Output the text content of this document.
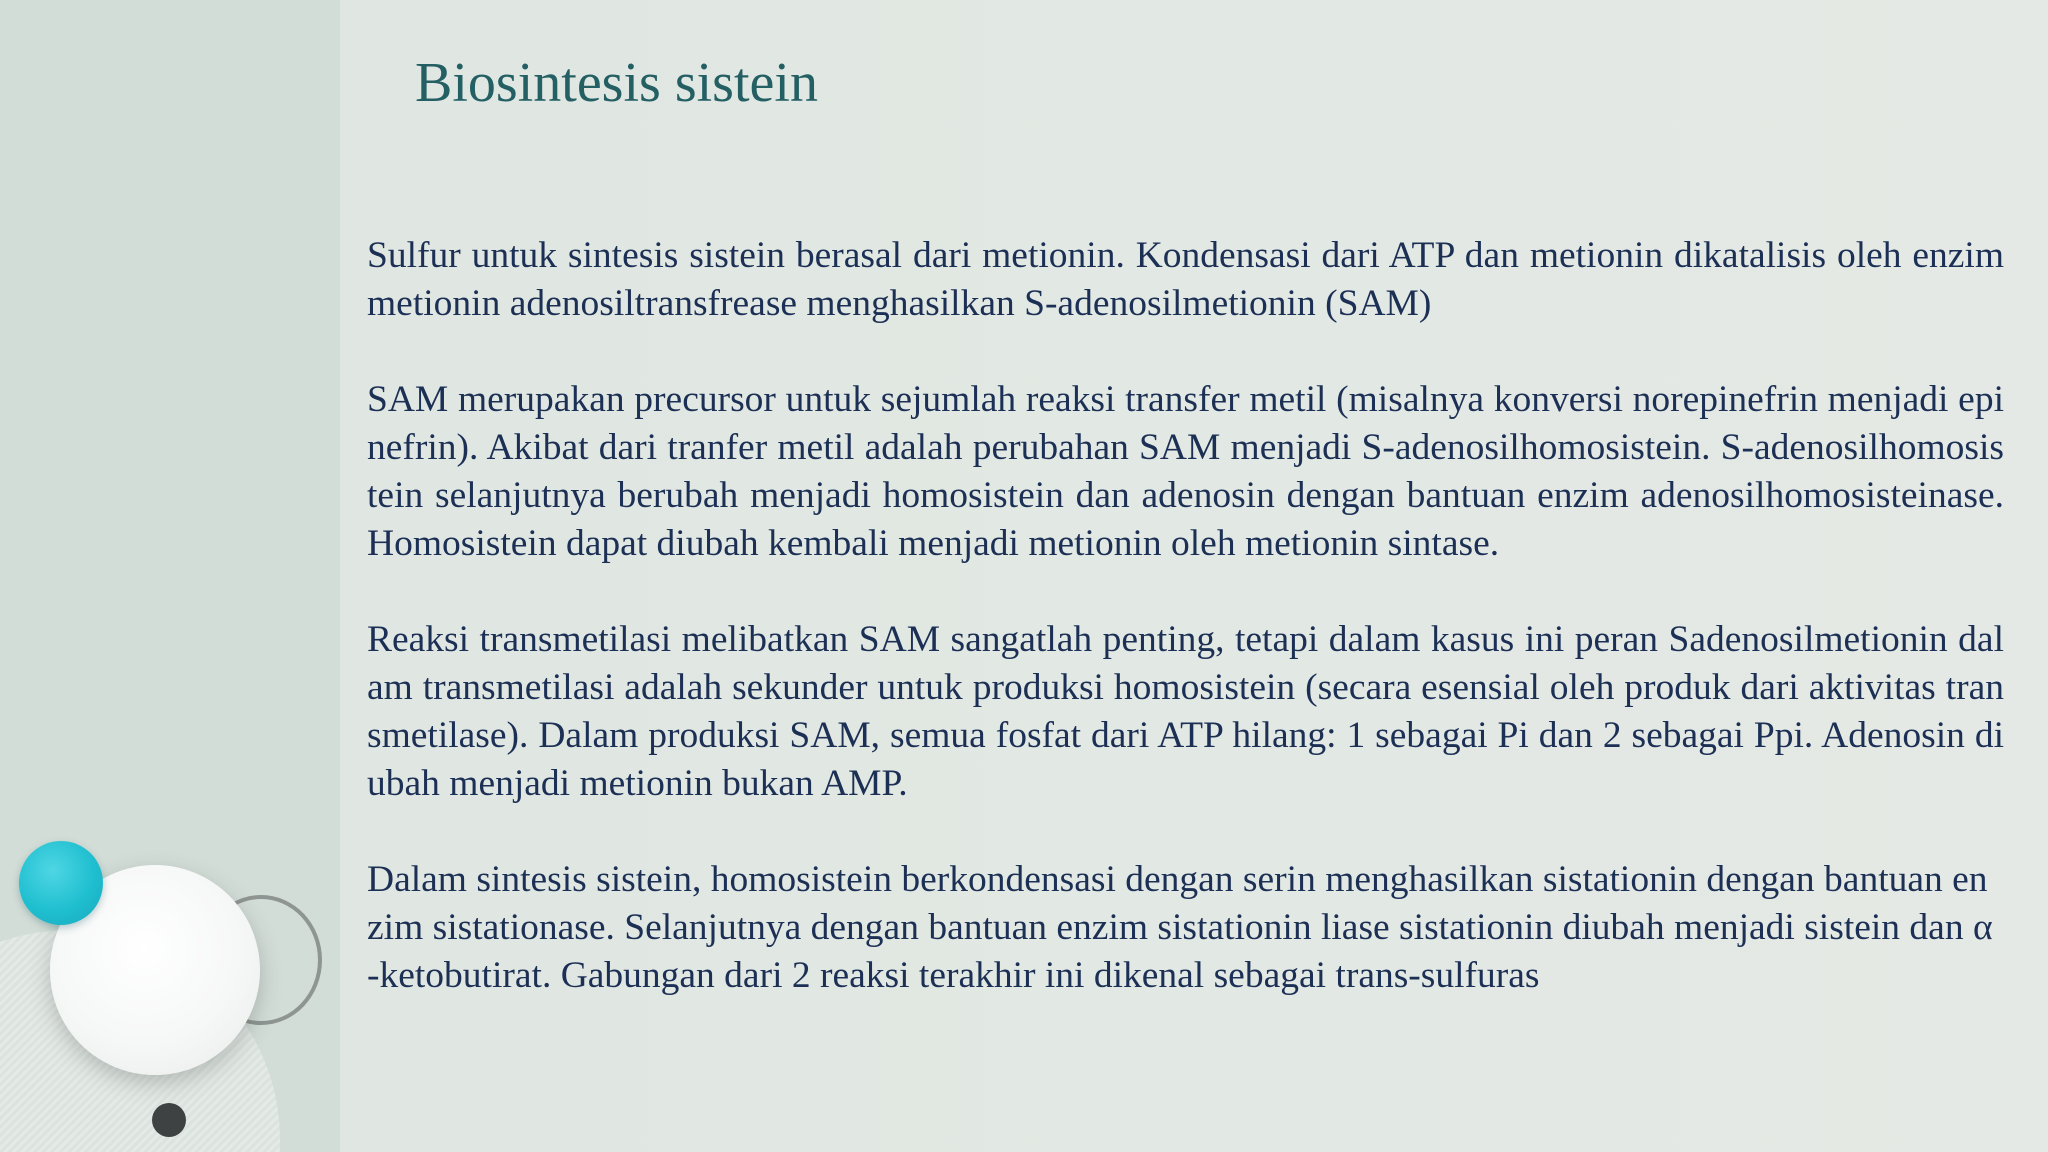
Biosintesis sistein

Sulfur untuk sintesis sistein berasal dari metionin. Kondensasi dari ATP dan metionin dikatalisis oleh enzim metionin adenosiltransfrease menghasilkan S-adenosilmetionin (SAM)

SAM merupakan precursor untuk sejumlah reaksi transfer metil (misalnya konversi norepinefrin menjadi epinefrin). Akibat dari tranfer metil adalah perubahan SAM menjadi S-adenosilhomosistein. S-adenosilhomosistein selanjutnya berubah menjadi homosistein dan adenosin dengan bantuan enzim adenosilhomosisteinase. Homosistein dapat diubah kembali menjadi metionin oleh metionin sintase.

Reaksi transmetilasi melibatkan SAM sangatlah penting, tetapi dalam kasus ini peran Sadenosilmetionin dalam transmetilasi adalah sekunder untuk produksi homosistein (secara esensial oleh produk dari aktivitas transmetilase). Dalam produksi SAM, semua fosfat dari ATP hilang: 1 sebagai Pi dan 2 sebagai Ppi. Adenosin diubah menjadi metionin bukan AMP.

Dalam sintesis sistein, homosistein berkondensasi dengan serin menghasilkan sistationin dengan bantuan enzim sistationase. Selanjutnya dengan bantuan enzim sistationin liase sistationin diubah menjadi sistein dan α-ketobutirat. Gabungan dari 2 reaksi terakhir ini dikenal sebagai trans-sulfuras
